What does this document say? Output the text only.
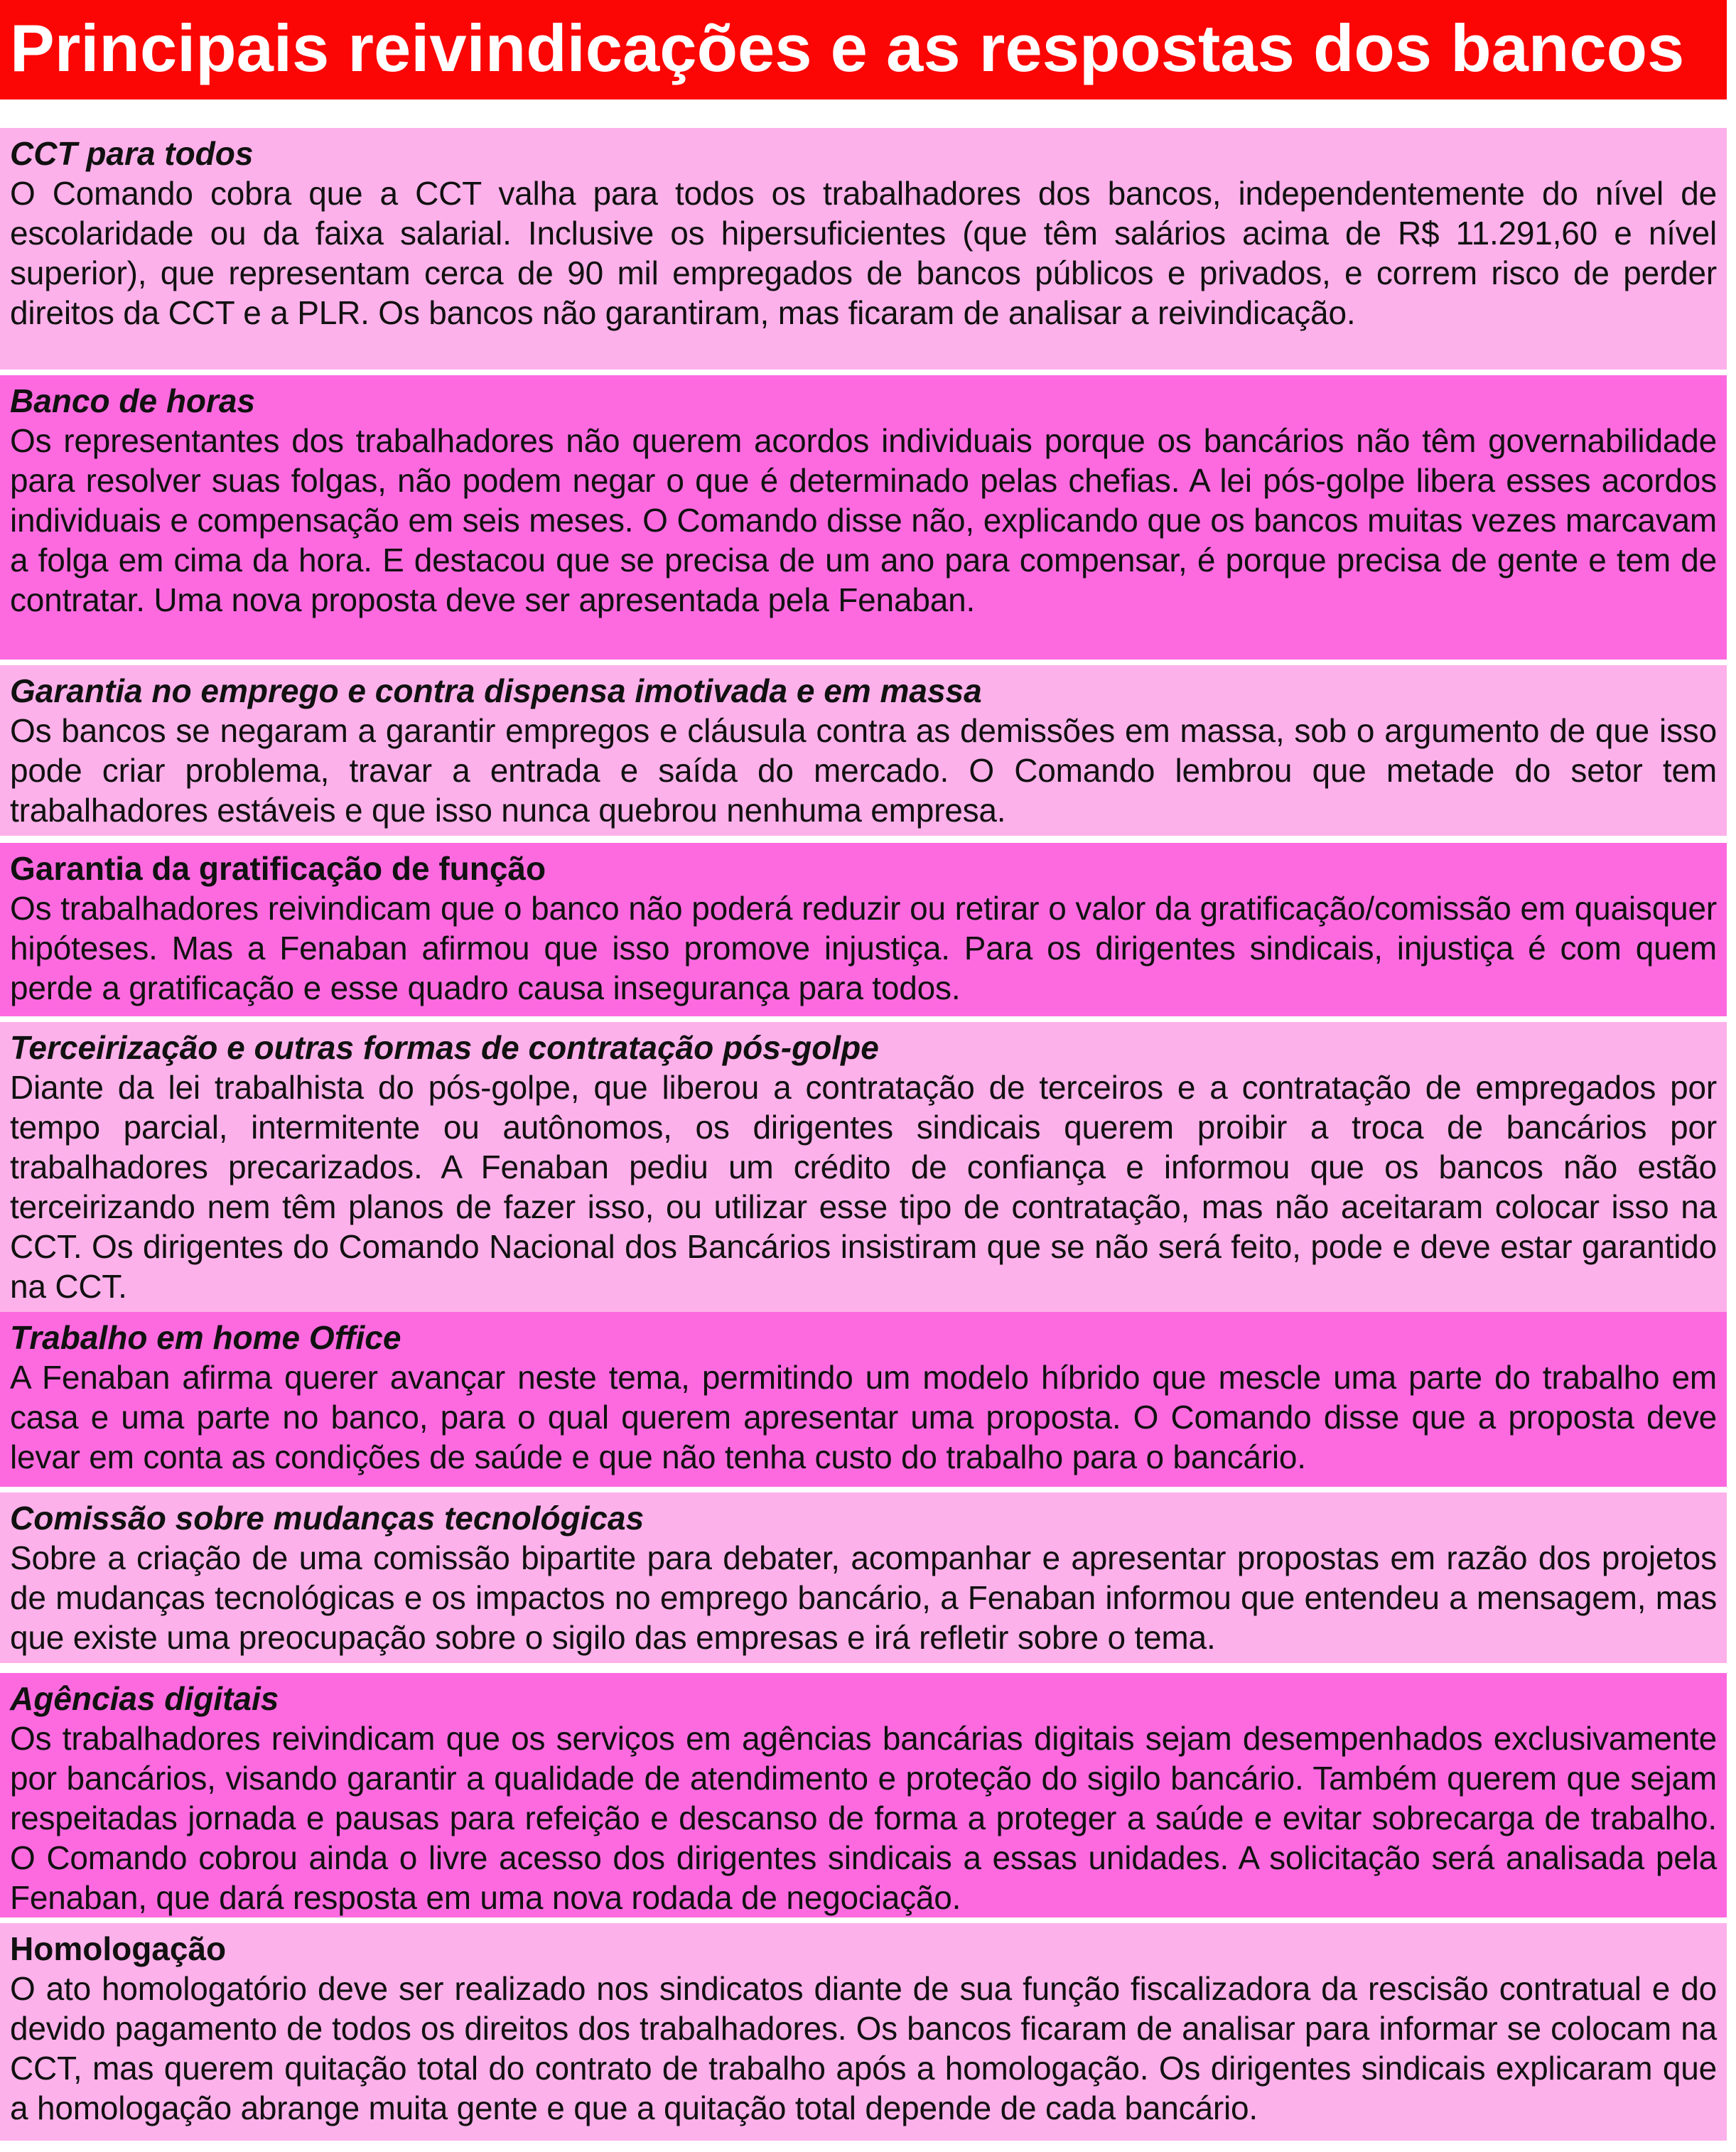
Principais reivindicações e as respostas dos bancos
CCT para todos

O Comando cobra que a CCT valha para todos os trabalhadores dos bancos, independentemente do nível de escolaridade ou da faixa salarial. Inclusive os hipersuficientes (que têm salários acima de R$ 11.291,60 e nível superior), que representam cerca de 90 mil empregados de bancos públicos e privados, e correm risco de perder direitos da CCT e a PLR. Os bancos não garantiram, mas ficaram de analisar a reivindicação.

Banco de horas

Os representantes dos trabalhadores não querem acordos individuais porque os bancários não têm governabilidade para resolver suas folgas, não podem negar o que é determinado pelas chefias. A lei pós-golpe libera esses acordos individuais e compensação em seis meses. O Comando disse não, explicando que os bancos muitas vezes marcavam a folga em cima da hora. E destacou que se precisa de um ano para compensar, é porque precisa de gente e tem de contratar. Uma nova proposta deve ser apresentada pela Fenaban.

Garantia no emprego e contra dispensa imotivada e em massa

Os bancos se negaram a garantir empregos e cláusula contra as demissões em massa, sob o argumento de que isso pode criar problema, travar a entrada e saída do mercado. O Comando lembrou que metade do setor tem trabalhadores estáveis e que isso nunca quebrou nenhuma empresa.

Garantia da gratificação de função

Os trabalhadores reivindicam que o banco não poderá reduzir ou retirar o valor da gratificação/comissão em quaisquer hipóteses. Mas a Fenaban afirmou que isso promove injustiça. Para os dirigentes sindicais, injustiça é com quem perde a gratificação e esse quadro causa insegurança para todos.

Terceirização e outras formas de contratação pós-golpe

Diante da lei trabalhista do pós-golpe, que liberou a contratação de terceiros e a contratação de empregados por tempo parcial, intermitente ou autônomos, os dirigentes sindicais querem proibir a troca de bancários por trabalhadores precarizados. A Fenaban pediu um crédito de confiança e informou que os bancos não estão terceirizando nem têm planos de fazer isso, ou utilizar esse tipo de contratação, mas não aceitaram colocar isso na CCT. Os dirigentes do Comando Nacional dos Bancários insistiram que se não será feito, pode e deve estar garantido na CCT.

Trabalho em home Office

A Fenaban afirma querer avançar neste tema, permitindo um modelo híbrido que mescle uma parte do trabalho em casa e uma parte no banco, para o qual querem apresentar uma proposta. O Comando disse que a proposta deve levar em conta as condições de saúde e que não tenha custo do trabalho para o bancário.

Comissão sobre mudanças tecnológicas

Sobre a criação de uma comissão bipartite para debater, acompanhar e apresentar propostas em razão dos projetos de mudanças tecnológicas e os impactos no emprego bancário, a Fenaban informou que entendeu a mensagem, mas que existe uma preocupação sobre o sigilo das empresas e irá refletir sobre o tema.

Agências digitais

Os trabalhadores reivindicam que os serviços em agências bancárias digitais sejam desempenhados exclusivamente por bancários, visando garantir a qualidade de atendimento e proteção do sigilo bancário. Também querem que sejam respeitadas jornada e pausas para refeição e descanso de forma a proteger a saúde e evitar sobrecarga de trabalho. O Comando cobrou ainda o livre acesso dos dirigentes sindicais a essas unidades. A solicitação será analisada pela Fenaban, que dará resposta em uma nova rodada de negociação.

Homologação

O ato homologatório deve ser realizado nos sindicatos diante de sua função fiscalizadora da rescisão contratual e do devido pagamento de todos os direitos dos trabalhadores. Os bancos ficaram de analisar para informar se colocam na CCT, mas querem quitação total do contrato de trabalho após a homologação. Os dirigentes sindicais explicaram que a homologação abrange muita gente e que a quitação total depende de cada bancário.
